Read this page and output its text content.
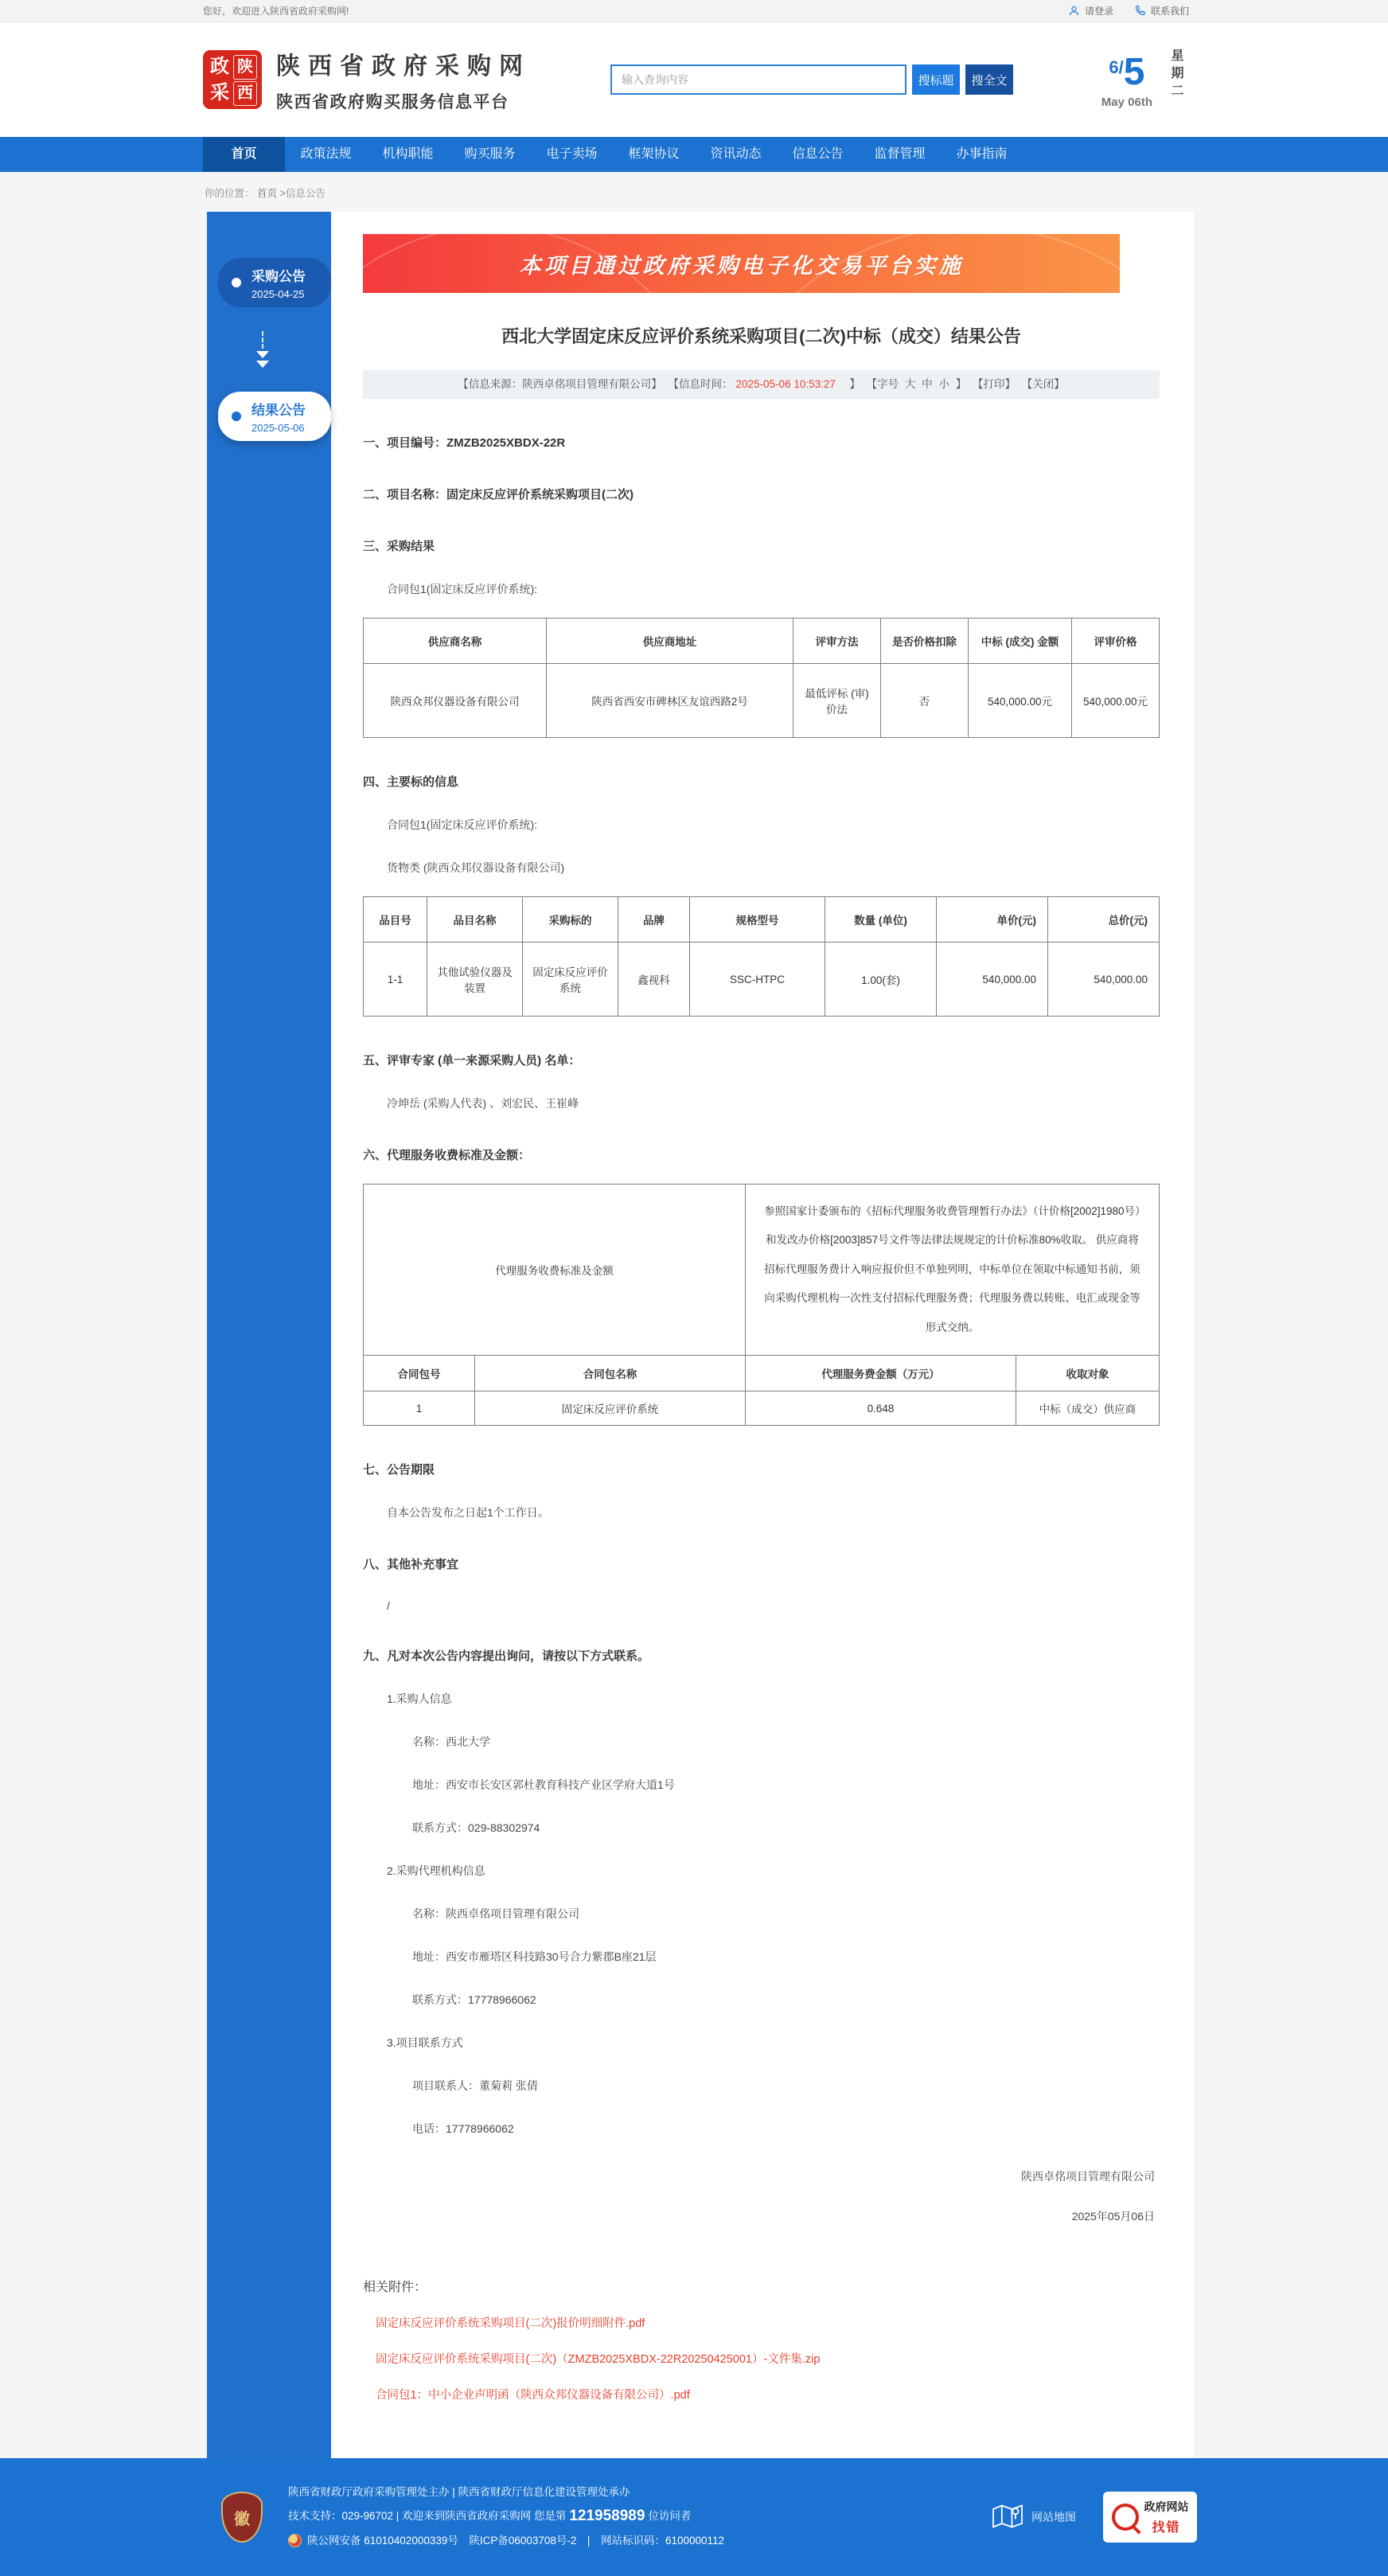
您好，欢迎进入陕西省政府采购网!	请登录	联系我们
政 陕
采 西
陕西省政府采购网
陕西省政府购买服务信息平台
输入查询内容
搜标题	搜全文
6/5
May 06th
星期二
首页	政策法规	机构职能	购买服务	电子卖场	框架协议	资讯动态	信息公告	监督管理	办事指南
你的位置： 首页 >信息公告
采购公告
2025-04-25
结果公告
2025-05-06
本项目通过政府采购电子化交易平台实施
西北大学固定床反应评价系统采购项目(二次)中标（成交）结果公告
【信息来源：陕西卓佲项目管理有限公司】 【信息时间： 2025-05-06 10:53:27　】 【字号 大 中 小 】 【打印】 【关闭】
一、项目编号：ZMZB2025XBDX-22R
二、项目名称：固定床反应评价系统采购项目(二次)
三、采购结果
合同包1(固定床反应评价系统):
供应商名称	供应商地址	评审方法	是否价格扣除	中标 (成交) 金额	评审价格
陕西众邦仪器设备有限公司	陕西省西安市碑林区友谊西路2号	最低评标 (审) 价法	否	540,000.00元	540,000.00元
四、主要标的信息
合同包1(固定床反应评价系统):
货物类 (陕西众邦仪器设备有限公司)
品目号	品目名称	采购标的	品牌	规格型号	数量 (单位)	单价(元)	总价(元)
1-1	其他试验仪器及装置	固定床反应评价系统	鑫视科	SSC-HTPC	1.00(套)	540,000.00	540,000.00
五、评审专家 (单一来源采购人员) 名单：
冷坤岳 (采购人代表) 、刘宏民、王崔峰
六、代理服务收费标准及金额：
代理服务收费标准及金额		参照国家计委颁布的《招标代理服务收费管理暂行办法》（计价格[2002]1980号）和发改办价格[2003]857号文件等法律法规规定的计价标准80%收取。 供应商将招标代理服务费计入响应报价但不单独列明，中标单位在领取中标通知书前，须向采购代理机构一次性支付招标代理服务费；代理服务费以转账、电汇或现金等形式交纳。	
合同包号	合同包名称	代理服务费金额（万元）	收取对象
1	固定床反应评价系统	0.648	中标（成交）供应商
七、公告期限
自本公告发布之日起1个工作日。
八、其他补充事宜
/
九、凡对本次公告内容提出询问，请按以下方式联系。
1.采购人信息
名称：西北大学
地址：西安市长安区郭杜教育科技产业区学府大道1号
联系方式：029-88302974
2.采购代理机构信息
名称：陕西卓佲项目管理有限公司
地址：西安市雁塔区科技路30号合力紫郡B座21层
联系方式：17778966062
3.项目联系方式
项目联系人：董菊莉 张倩
电话：17778966062
陕西卓佲项目管理有限公司
2025年05月06日
相关附件：
固定床反应评价系统采购项目(二次)报价明细附件.pdf
固定床反应评价系统采购项目(二次)（ZMZB2025XBDX-22R20250425001）-文件集.zip
合同包1：中小企业声明函（陕西众邦仪器设备有限公司）.pdf
徽
陕西省财政厅政府采购管理处主办 | 陕西省财政厅信息化建设管理处承办
技术支持：029-96702 | 欢迎来到陕西省政府采购网 您是第 121958989 位访问者
陕公网安备 61010402000339号　陕ICP备06003708号-2　|　网站标识码：6100000112
网站地图
政府网站
找错
